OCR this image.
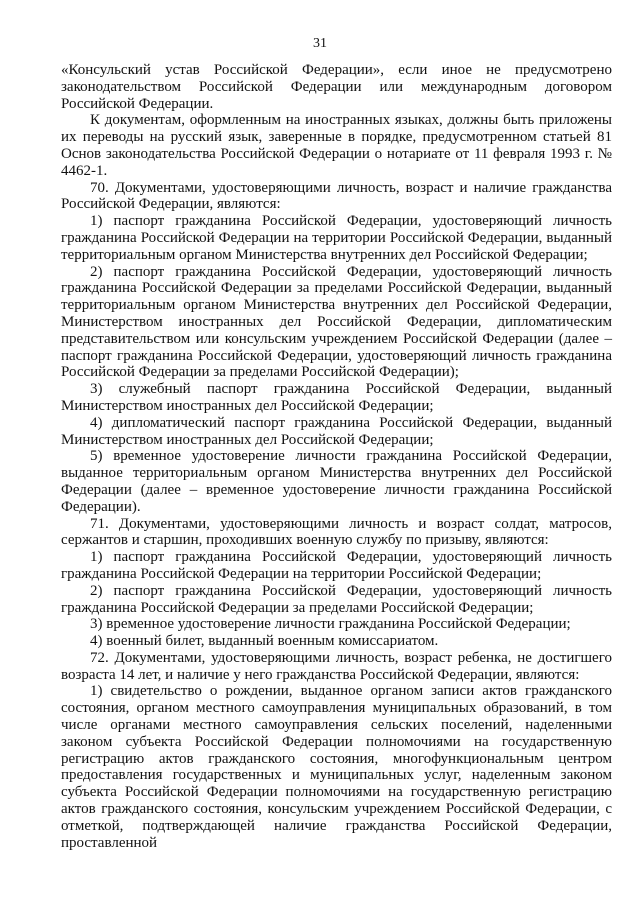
31

«Консульский устав Российской Федерации», если иное не предусмотрено законодательством Российской Федерации или международным договором Российской Федерации.

К документам, оформленным на иностранных языках, должны быть приложены их переводы на русский язык, заверенные в порядке, предусмотренном статьей 81 Основ законодательства Российской Федерации о нотариате от 11 февраля 1993 г. № 4462-1.

70. Документами, удостоверяющими личность, возраст и наличие гражданства Российской Федерации, являются:

1) паспорт гражданина Российской Федерации, удостоверяющий личность гражданина Российской Федерации на территории Российской Федерации, выданный территориальным органом Министерства внутренних дел Российской Федерации;

2) паспорт гражданина Российской Федерации, удостоверяющий личность гражданина Российской Федерации за пределами Российской Федерации, выданный территориальным органом Министерства внутренних дел Российской Федерации, Министерством иностранных дел Российской Федерации, дипломатическим представительством или консульским учреждением Российской Федерации (далее – паспорт гражданина Российской Федерации, удостоверяющий личность гражданина Российской Федерации за пределами Российской Федерации);

3) служебный паспорт гражданина Российской Федерации, выданный Министерством иностранных дел Российской Федерации;

4) дипломатический паспорт гражданина Российской Федерации, выданный Министерством иностранных дел Российской Федерации;

5) временное удостоверение личности гражданина Российской Федерации, выданное территориальным органом Министерства внутренних дел Российской Федерации (далее – временное удостоверение личности гражданина Российской Федерации).

71. Документами, удостоверяющими личность и возраст солдат, матросов, сержантов и старшин, проходивших военную службу по призыву, являются:

1) паспорт гражданина Российской Федерации, удостоверяющий личность гражданина Российской Федерации на территории Российской Федерации;

2) паспорт гражданина Российской Федерации, удостоверяющий личность гражданина Российской Федерации за пределами Российской Федерации;

3) временное удостоверение личности гражданина Российской Федерации;

4) военный билет, выданный военным комиссариатом.

72. Документами, удостоверяющими личность, возраст ребенка, не достигшего возраста 14 лет, и наличие у него гражданства Российской Федерации, являются:

1) свидетельство о рождении, выданное органом записи актов гражданского состояния, органом местного самоуправления муниципальных образований, в том числе органами местного самоуправления сельских поселений, наделенными законом субъекта Российской Федерации полномочиями на государственную регистрацию актов гражданского состояния, многофункциональным центром предоставления государственных и муниципальных услуг, наделенным законом субъекта Российской Федерации полномочиями на государственную регистрацию актов гражданского состояния, консульским учреждением Российской Федерации, с отметкой, подтверждающей наличие гражданства Российской Федерации, проставленной
